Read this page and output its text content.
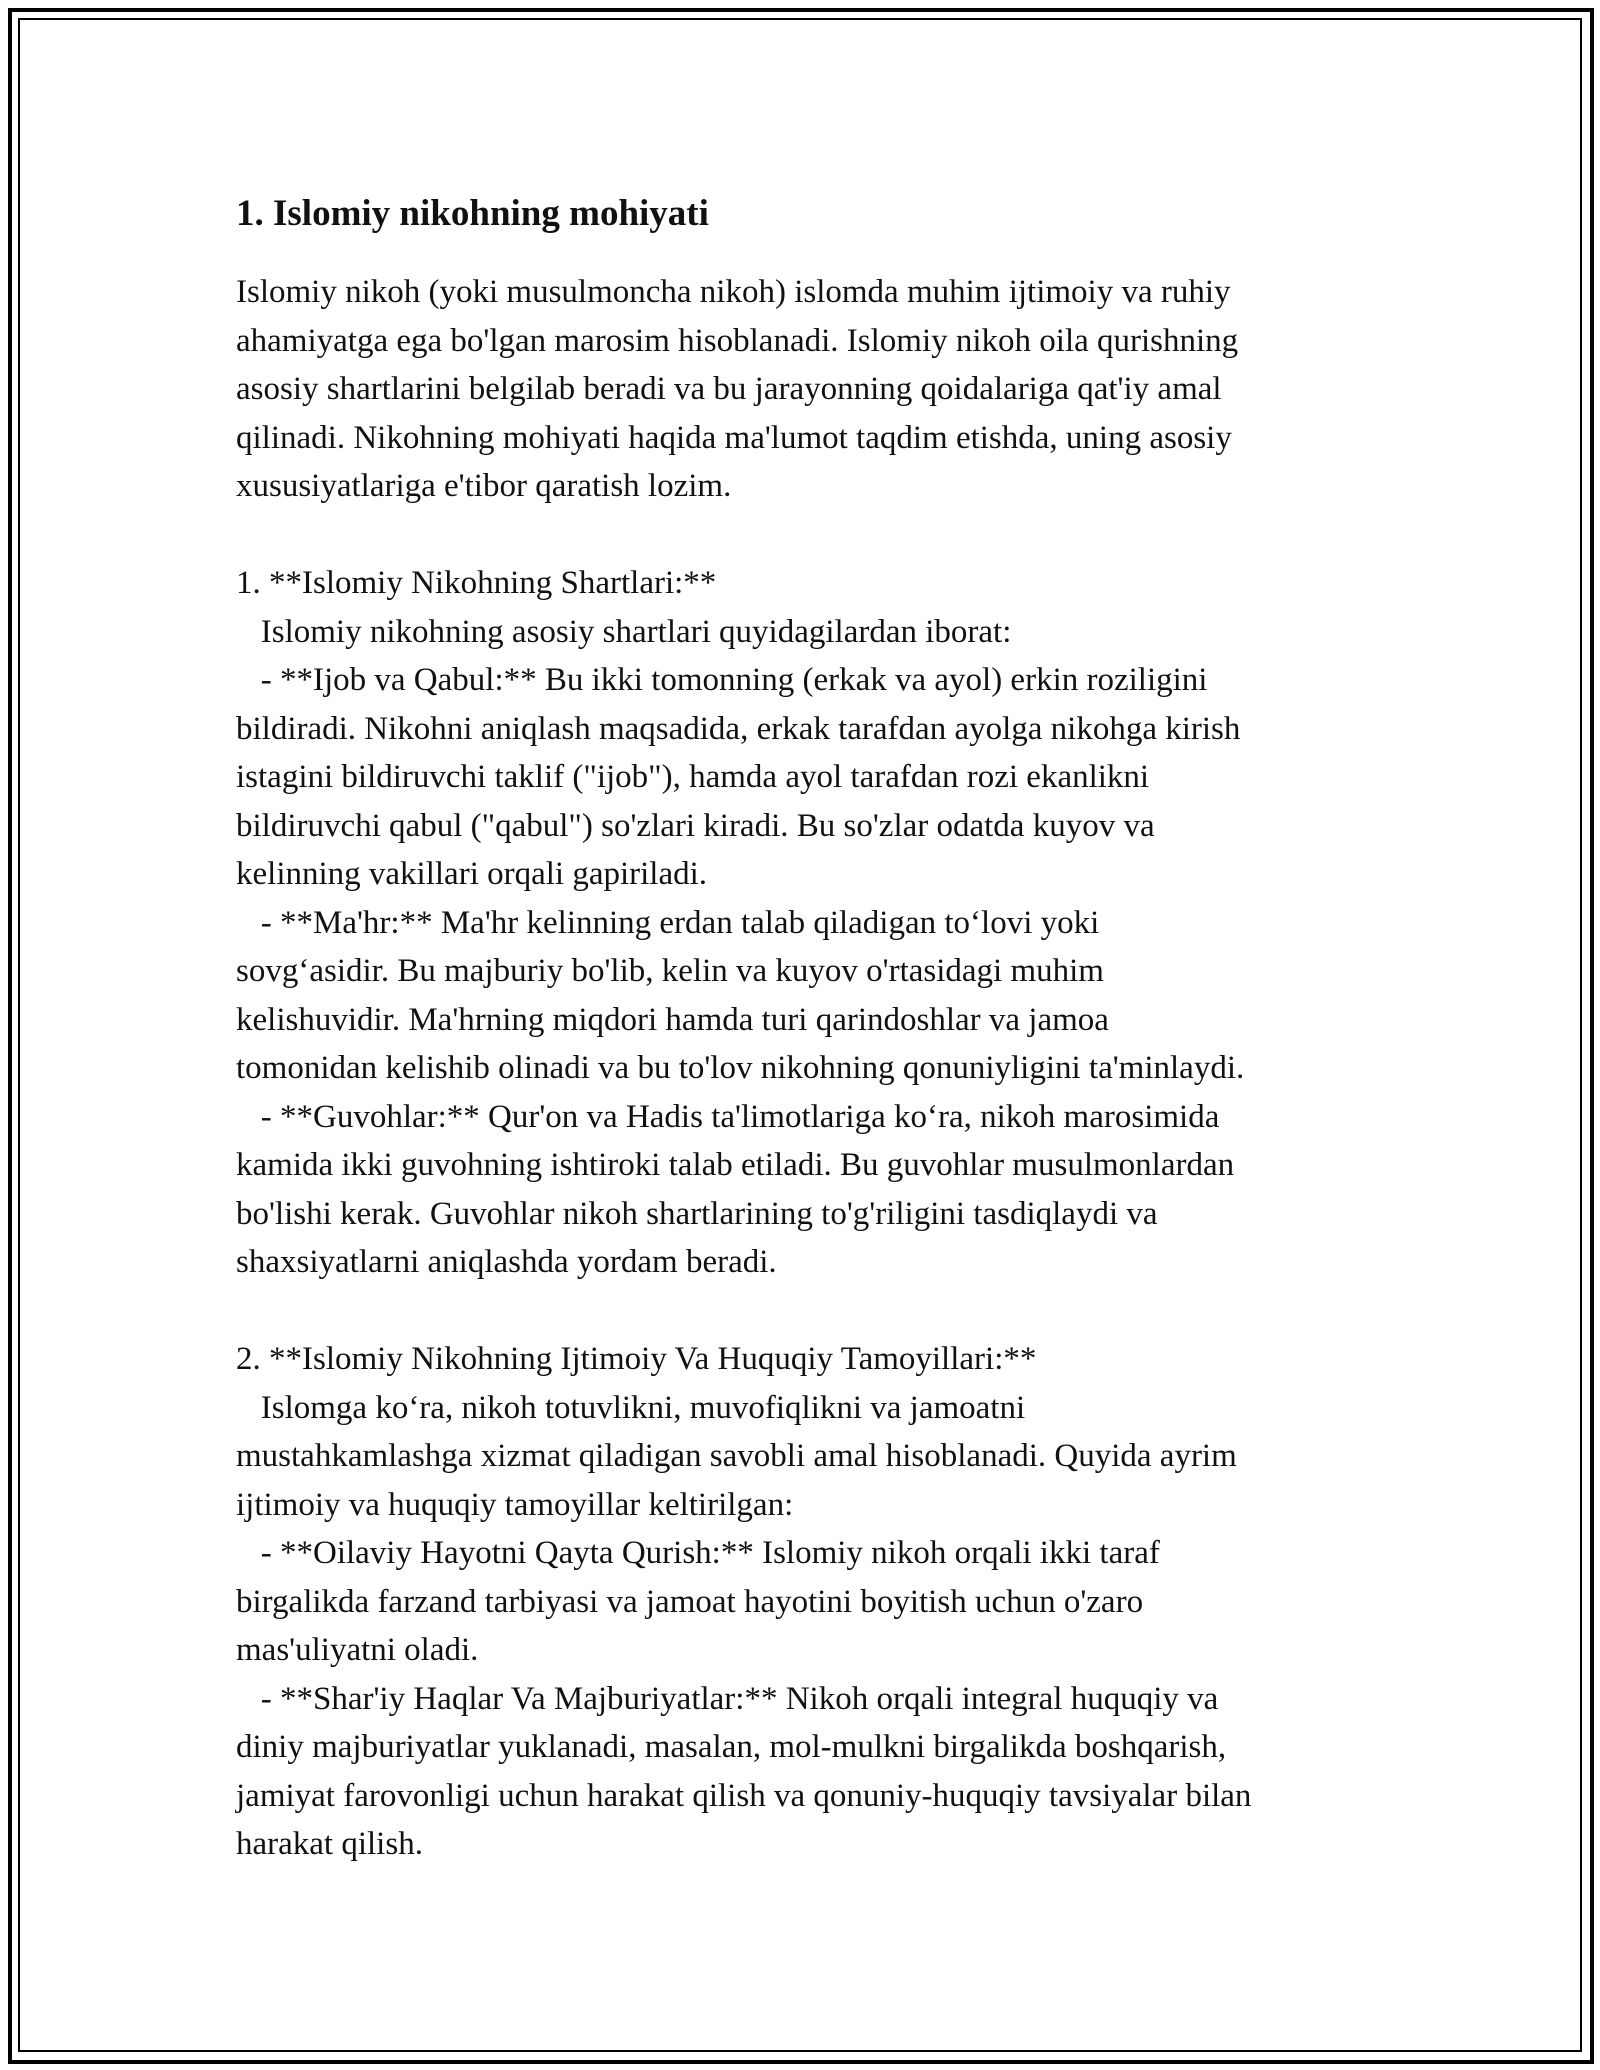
1. Islomiy nikohning mohiyati
Islomiy nikoh (yoki musulmoncha nikoh) islomda muhim ijtimoiy va ruhiy
ahamiyatga ega bo'lgan marosim hisoblanadi. Islomiy nikoh oila qurishning
asosiy shartlarini belgilab beradi va bu jarayonning qoidalariga qat'iy amal
qilinadi. Nikohning mohiyati haqida ma'lumot taqdim etishda, uning asosiy
xususiyatlariga e'tibor qaratish lozim.
1. **Islomiy Nikohning Shartlari:**
Islomiy nikohning asosiy shartlari quyidagilardan iborat:
- **Ijob va Qabul:** Bu ikki tomonning (erkak va ayol) erkin roziligini
bildiradi. Nikohni aniqlash maqsadida, erkak tarafdan ayolga nikohga kirish
istagini bildiruvchi taklif ("ijob"), hamda ayol tarafdan rozi ekanlikni
bildiruvchi qabul ("qabul") so'zlari kiradi. Bu so'zlar odatda kuyov va
kelinning vakillari orqali gapiriladi.
- **Ma'hr:** Ma'hr kelinning erdan talab qiladigan to‘lovi yoki
sovg‘asidir. Bu majburiy bo'lib, kelin va kuyov o'rtasidagi muhim
kelishuvidir. Ma'hrning miqdori hamda turi qarindoshlar va jamoa
tomonidan kelishib olinadi va bu to'lov nikohning qonuniyligini ta'minlaydi.
- **Guvohlar:** Qur'on va Hadis ta'limotlariga ko‘ra, nikoh marosimida
kamida ikki guvohning ishtiroki talab etiladi. Bu guvohlar musulmonlardan
bo'lishi kerak. Guvohlar nikoh shartlarining to'g'riligini tasdiqlaydi va
shaxsiyatlarni aniqlashda yordam beradi.
2. **Islomiy Nikohning Ijtimoiy Va Huquqiy Tamoyillari:**
Islomga ko‘ra, nikoh totuvlikni, muvofiqlikni va jamoatni
mustahkamlashga xizmat qiladigan savobli amal hisoblanadi. Quyida ayrim
ijtimoiy va huquqiy tamoyillar keltirilgan:
- **Oilaviy Hayotni Qayta Qurish:** Islomiy nikoh orqali ikki taraf
birgalikda farzand tarbiyasi va jamoat hayotini boyitish uchun o'zaro
mas'uliyatni oladi.
- **Shar'iy Haqlar Va Majburiyatlar:** Nikoh orqali integral huquqiy va
diniy majburiyatlar yuklanadi, masalan, mol-mulkni birgalikda boshqarish,
jamiyat farovonligi uchun harakat qilish va qonuniy-huquqiy tavsiyalar bilan
harakat qilish.
